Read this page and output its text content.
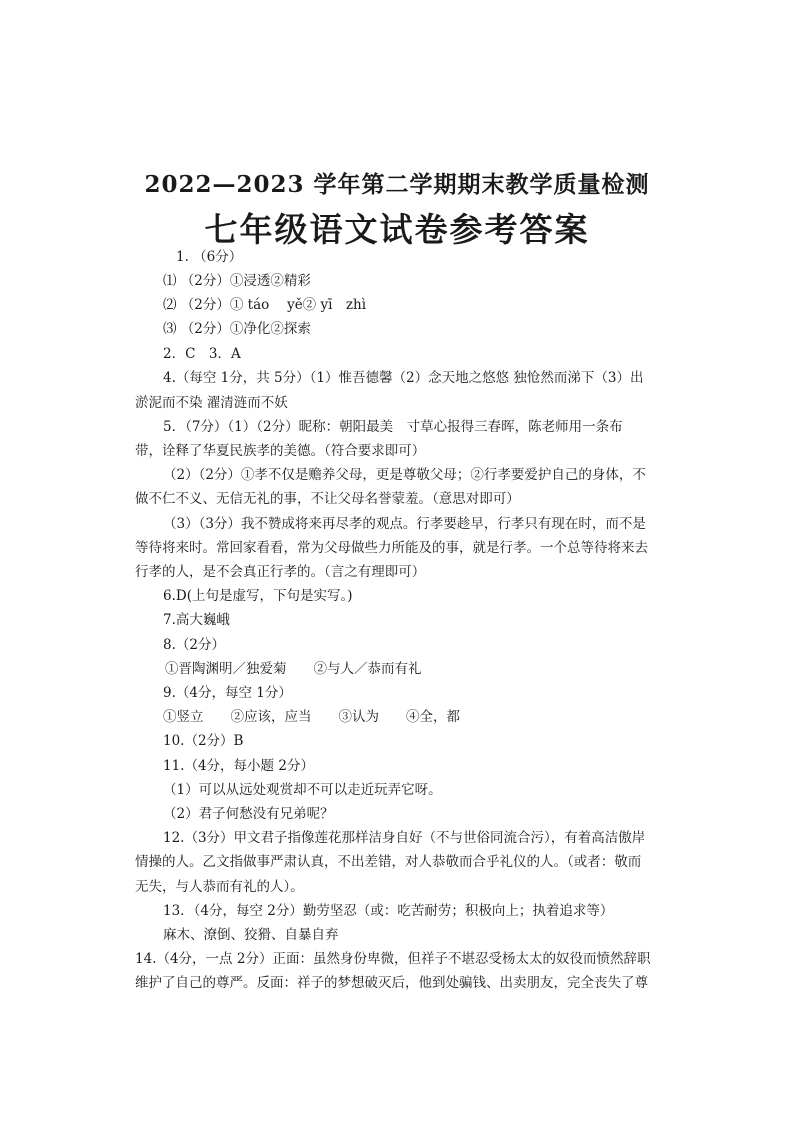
2022—2023 学年第二学期期末教学质量检测
七年级语文试卷参考答案
1. （6分）
⑴ （2分）①浸透②精彩
⑵ （2分）① táo　 yě② yī　zhì
⑶ （2分）①净化②探索
2．C　3．A
4.（每空 1分，共 5分）（1）惟吾德馨（2）念天地之悠悠 独怆然而涕下（3）出
淤泥而不染 濯清涟而不妖
5．（7分）（1）（2分）昵称：朝阳最美　寸草心报得三春晖，陈老师用一条布
带，诠释了华夏民族孝的美德。（符合要求即可）
（2）（2分）①孝不仅是赡养父母，更是尊敬父母；②行孝要爱护自己的身体，不
做不仁不义、无信无礼的事，不让父母名誉蒙羞。（意思对即可）
（3）（3分）我不赞成将来再尽孝的观点。行孝要趁早，行孝只有现在时，而不是
等待将来时。常回家看看，常为父母做些力所能及的事，就是行孝。一个总等待将来去
行孝的人，是不会真正行孝的。（言之有理即可）
6.D(上句是虚写，下句是实写。)
7.高大巍峨
8.（2分）
①晋陶渊明／独爱菊　　②与人／恭而有礼
9.（4分，每空 1分）
①竖立　　②应该，应当　　③认为　　④全，都
10.（2分）B
11.（4分，每小题 2分）
（1）可以从远处观赏却不可以走近玩弄它呀。
（2）君子何愁没有兄弟呢？
12.（3分）甲文君子指像莲花那样洁身自好（不与世俗同流合污），有着高洁傲岸
情操的人。乙文指做事严肃认真，不出差错，对人恭敬而合乎礼仪的人。（或者：敬而
无失，与人恭而有礼的人）。
13．（4分，每空 2分）勤劳坚忍（或：吃苦耐劳；积极向上；执着追求等）
麻木、潦倒、狡猾、自暴自弃
14.（4分，一点 2分）正面：虽然身份卑微，但祥子不堪忍受杨太太的奴役而愤然辞职
维护了自己的尊严。反面：祥子的梦想破灭后，他到处骗钱、出卖朋友，完全丧失了尊
